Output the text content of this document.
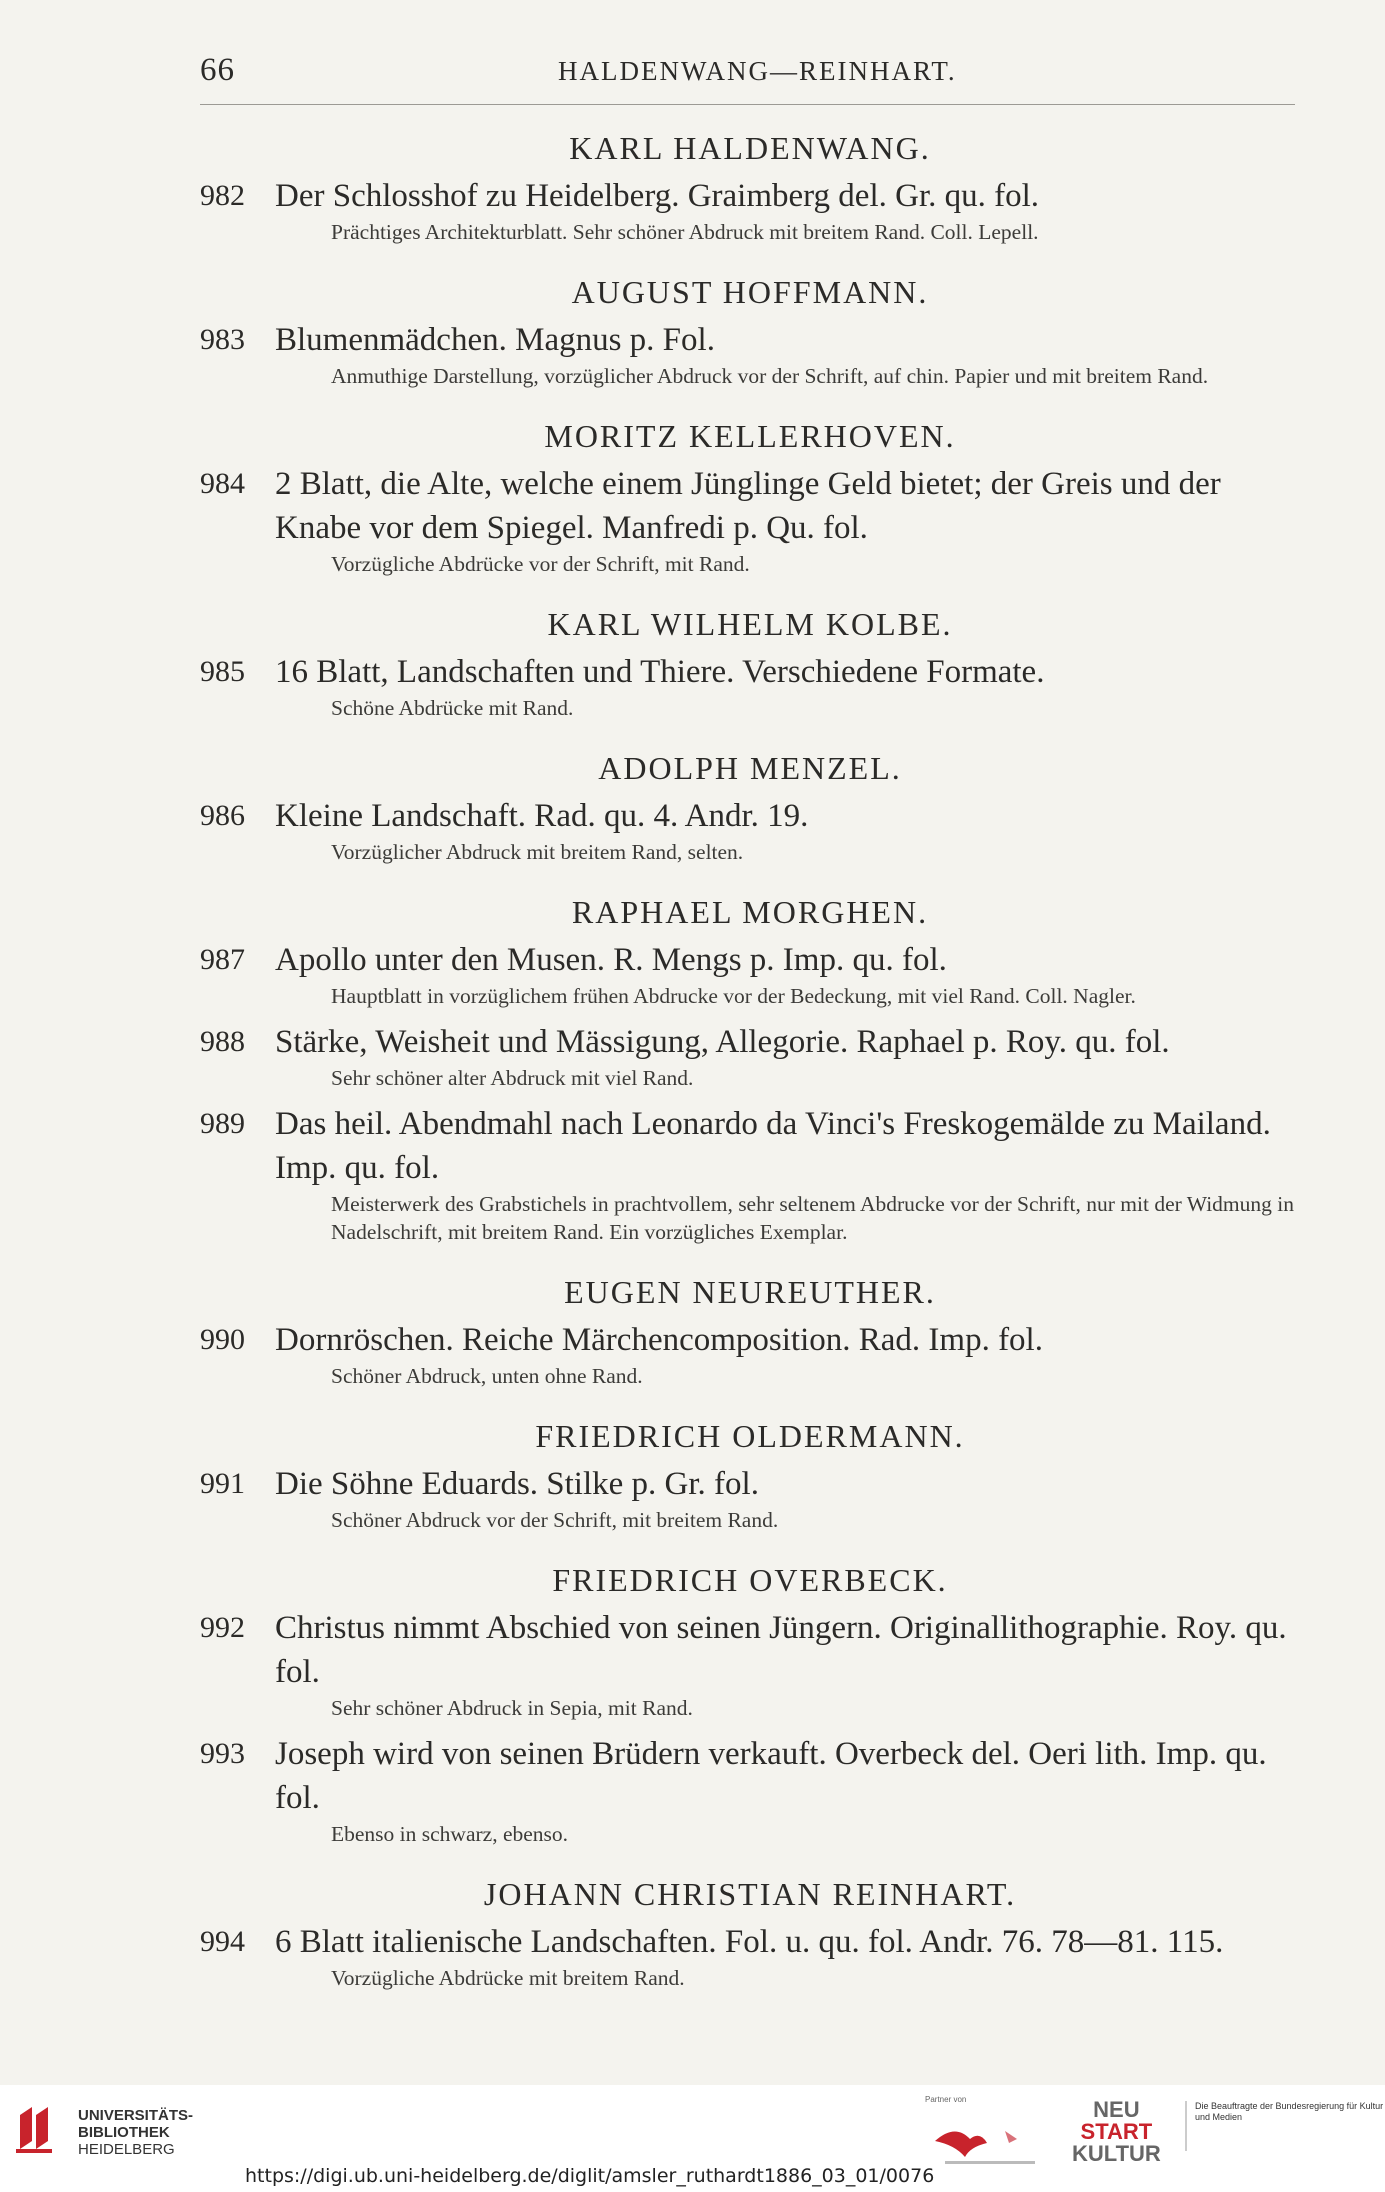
66	HALDENWANG—REINHART.
KARL HALDENWANG.
982 Der Schlosshof zu Heidelberg. Graimberg del. Gr. qu. fol.
Prächtiges Architekturblatt. Sehr schöner Abdruck mit breitem Rand. Coll. Lepell.
AUGUST HOFFMANN.
983 Blumenmädchen. Magnus p. Fol.
Anmuthige Darstellung, vorzüglicher Abdruck vor der Schrift, auf chin. Papier und mit breitem Rand.
MORITZ KELLERHOVEN.
984 2 Blatt, die Alte, welche einem Jünglinge Geld bietet; der Greis und der Knabe vor dem Spiegel. Manfredi p. Qu. fol.
Vorzügliche Abdrücke vor der Schrift, mit Rand.
KARL WILHELM KOLBE.
985 16 Blatt, Landschaften und Thiere. Verschiedene Formate.
Schöne Abdrücke mit Rand.
ADOLPH MENZEL.
986 Kleine Landschaft. Rad. qu. 4. Andr. 19.
Vorzüglicher Abdruck mit breitem Rand, selten.
RAPHAEL MORGHEN.
987 Apollo unter den Musen. R. Mengs p. Imp. qu. fol.
Hauptblatt in vorzüglichem frühen Abdrucke vor der Bedeckung, mit viel Rand. Coll. Nagler.
988 Stärke, Weisheit und Mässigung, Allegorie. Raphael p. Roy. qu. fol.
Sehr schöner alter Abdruck mit viel Rand.
989 Das heil. Abendmahl nach Leonardo da Vinci's Freskogemälde zu Mailand. Imp. qu. fol.
Meisterwerk des Grabstichels in prachtvollem, sehr seltenem Abdrucke vor der Schrift, nur mit der Widmung in Nadelschrift, mit breitem Rand. Ein vorzügliches Exemplar.
EUGEN NEUREUTHER.
990 Dornröschen. Reiche Märchencomposition. Rad. Imp. fol.
Schöner Abdruck, unten ohne Rand.
FRIEDRICH OLDERMANN.
991 Die Söhne Eduards. Stilke p. Gr. fol.
Schöner Abdruck vor der Schrift, mit breitem Rand.
FRIEDRICH OVERBECK.
992 Christus nimmt Abschied von seinen Jüngern. Originallithographie. Roy. qu. fol.
Sehr schöner Abdruck in Sepia, mit Rand.
993 Joseph wird von seinen Brüdern verkauft. Overbeck del. Oeri lith. Imp. qu. fol.
Ebenso in schwarz, ebenso.
JOHANN CHRISTIAN REINHART.
994 6 Blatt italienische Landschaften. Fol. u. qu. fol. Andr. 76. 78—81. 115.
Vorzügliche Abdrücke mit breitem Rand.
UNIVERSITÄTS-
BIBLIOTHEK
HEIDELBERG
Partner von	NEU
START
KULTUR
Die Beauftragte der Bundesregierung für Kultur und Medien
https://digi.ub.uni-heidelberg.de/diglit/amsler_ruthardt1886_03_01/0076
